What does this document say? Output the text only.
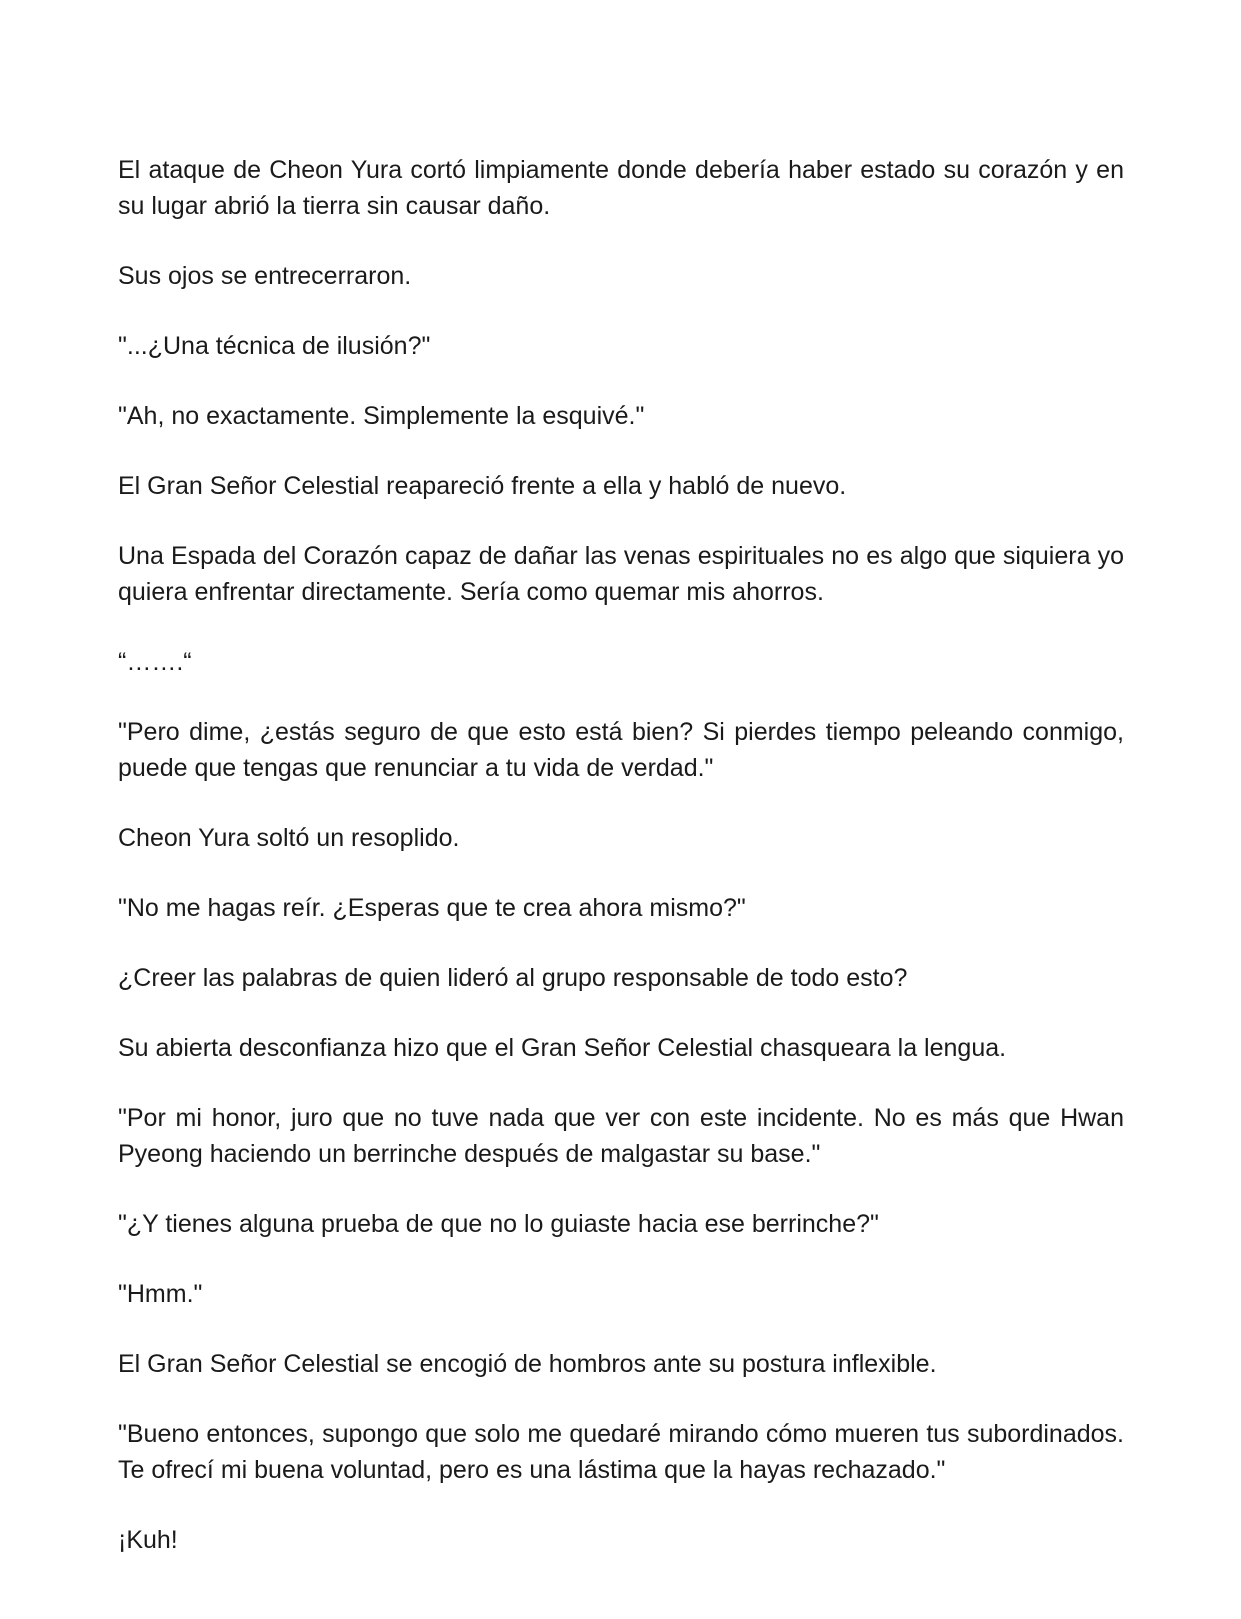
El ataque de Cheon Yura cortó limpiamente donde debería haber estado su corazón y en su lugar abrió la tierra sin causar daño.

Sus ojos se entrecerraron.

"...¿Una técnica de ilusión?"

"Ah, no exactamente. Simplemente la esquivé."

El Gran Señor Celestial reapareció frente a ella y habló de nuevo.

Una Espada del Corazón capaz de dañar las venas espirituales no es algo que siquiera yo quiera enfrentar directamente. Sería como quemar mis ahorros.

“…….“

"Pero dime, ¿estás seguro de que esto está bien? Si pierdes tiempo peleando conmigo, puede que tengas que renunciar a tu vida de verdad."

Cheon Yura soltó un resoplido.

"No me hagas reír. ¿Esperas que te crea ahora mismo?"

¿Creer las palabras de quien lideró al grupo responsable de todo esto?

Su abierta desconfianza hizo que el Gran Señor Celestial chasqueara la lengua.

"Por mi honor, juro que no tuve nada que ver con este incidente. No es más que Hwan Pyeong haciendo un berrinche después de malgastar su base."

"¿Y tienes alguna prueba de que no lo guiaste hacia ese berrinche?"

"Hmm."

El Gran Señor Celestial se encogió de hombros ante su postura inflexible.

"Bueno entonces, supongo que solo me quedaré mirando cómo mueren tus subordinados. Te ofrecí mi buena voluntad, pero es una lástima que la hayas rechazado."

¡Kuh!
